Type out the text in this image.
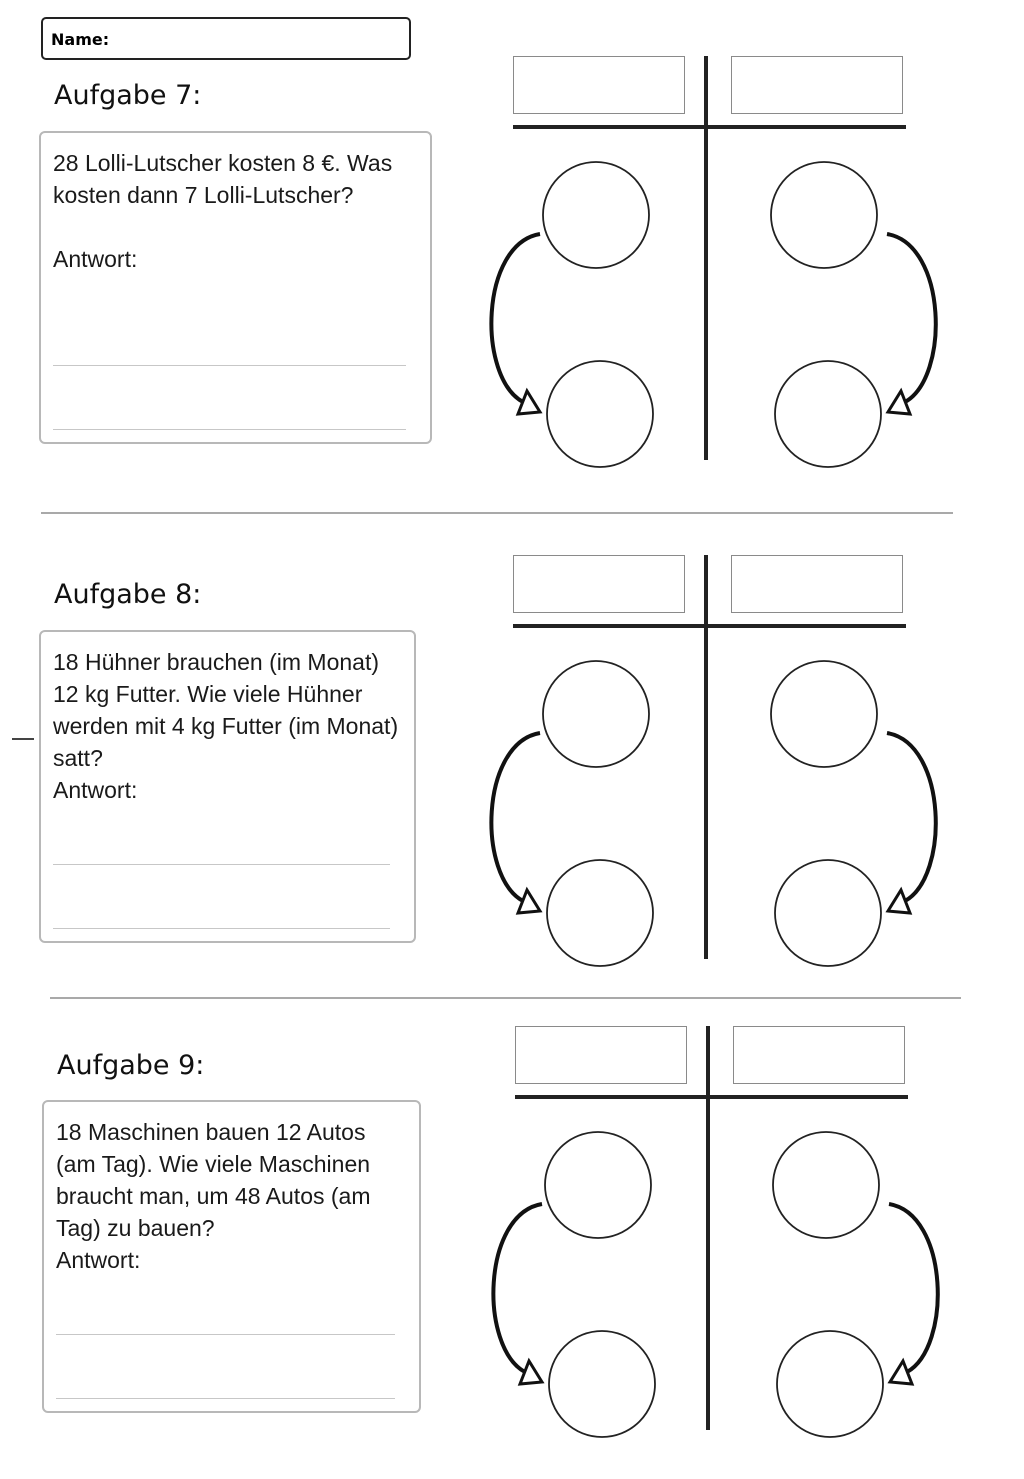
Name:
Aufgabe 7:
28 Lolli-Lutscher kosten 8 €. Was kosten dann 7 Lolli-Lutscher?
Antwort:
Aufgabe 8:
18 Hühner brauchen (im Monat) 12 kg Futter. Wie viele Hühner werden mit 4 kg Futter (im Monat) satt?
Antwort:
Aufgabe 9:
18 Maschinen bauen 12 Autos (am Tag). Wie viele Maschinen braucht man, um 48 Autos (am Tag) zu bauen?
Antwort:
